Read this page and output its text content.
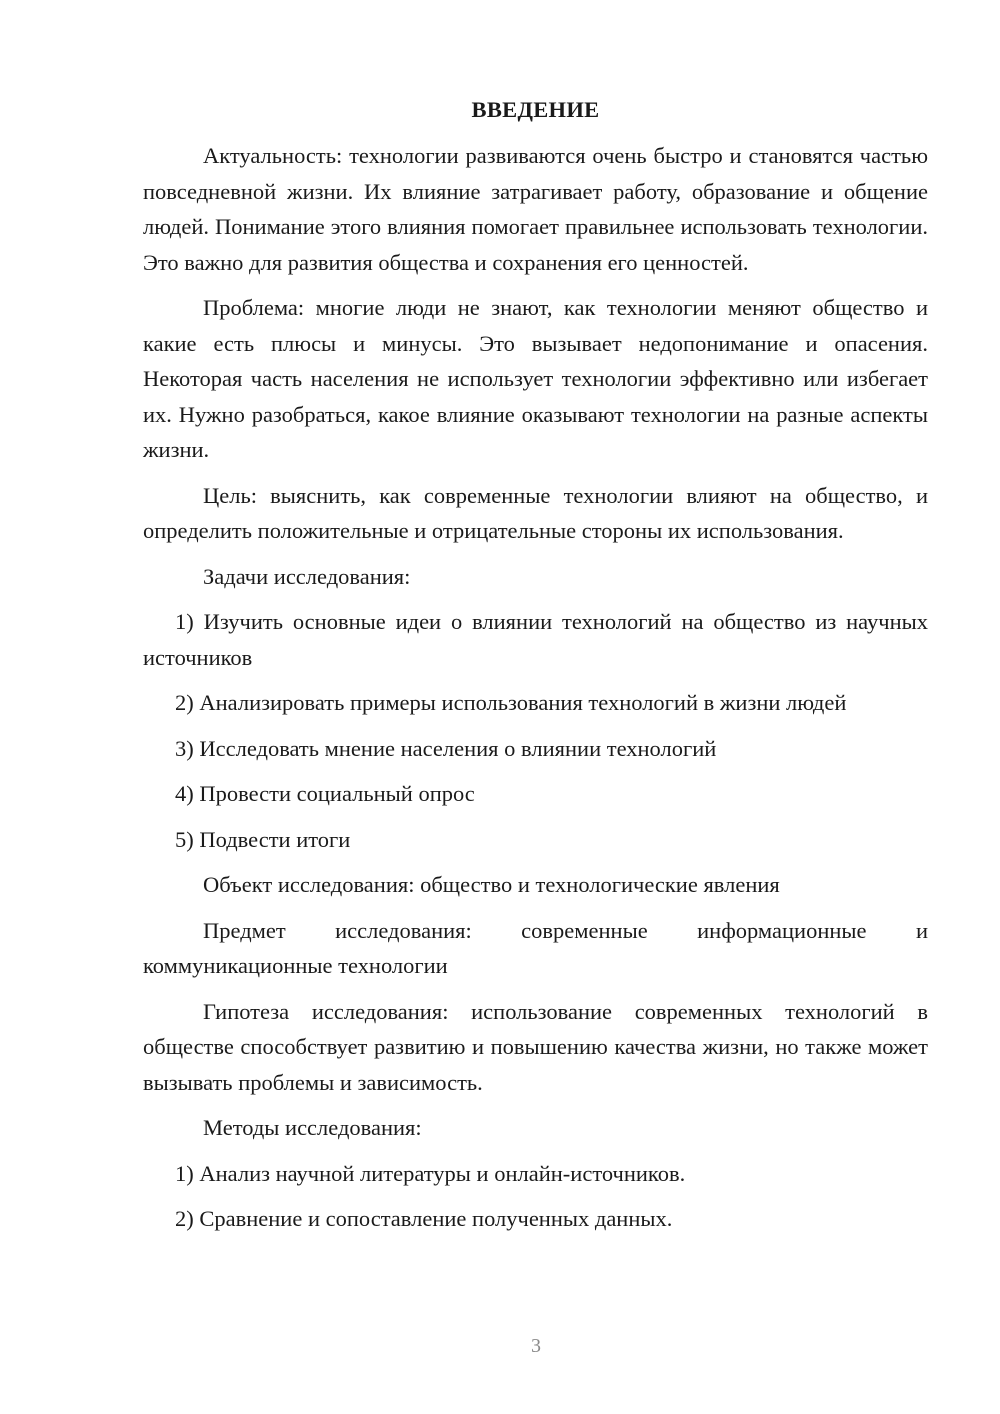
ВВЕДЕНИЕ

Актуальность: технологии развиваются очень быстро и становятся частью повседневной жизни. Их влияние затрагивает работу, образование и общение людей. Понимание этого влияния помогает правильнее использовать технологии. Это важно для развития общества и сохранения его ценностей.

Проблема: многие люди не знают, как технологии меняют общество и какие есть плюсы и минусы. Это вызывает недопонимание и опасения. Некоторая часть населения не использует технологии эффективно или избегает их. Нужно разобраться, какое влияние оказывают технологии на разные аспекты жизни.

Цель: выяснить, как современные технологии влияют на общество, и определить положительные и отрицательные стороны их использования.

Задачи исследования:

1) Изучить основные идеи о влиянии технологий на общество из научных источников
2) Анализировать примеры использования технологий в жизни людей
3) Исследовать мнение населения о влиянии технологий
4) Провести социальный опрос
5) Подвести итоги

Объект исследования: общество и технологические явления

Предмет исследования: современные информационные и коммуникационные технологии

Гипотеза исследования: использование современных технологий в обществе способствует развитию и повышению качества жизни, но также может вызывать проблемы и зависимость.

Методы исследования:

1) Анализ научной литературы и онлайн-источников.
2) Сравнение и сопоставление полученных данных.
3
